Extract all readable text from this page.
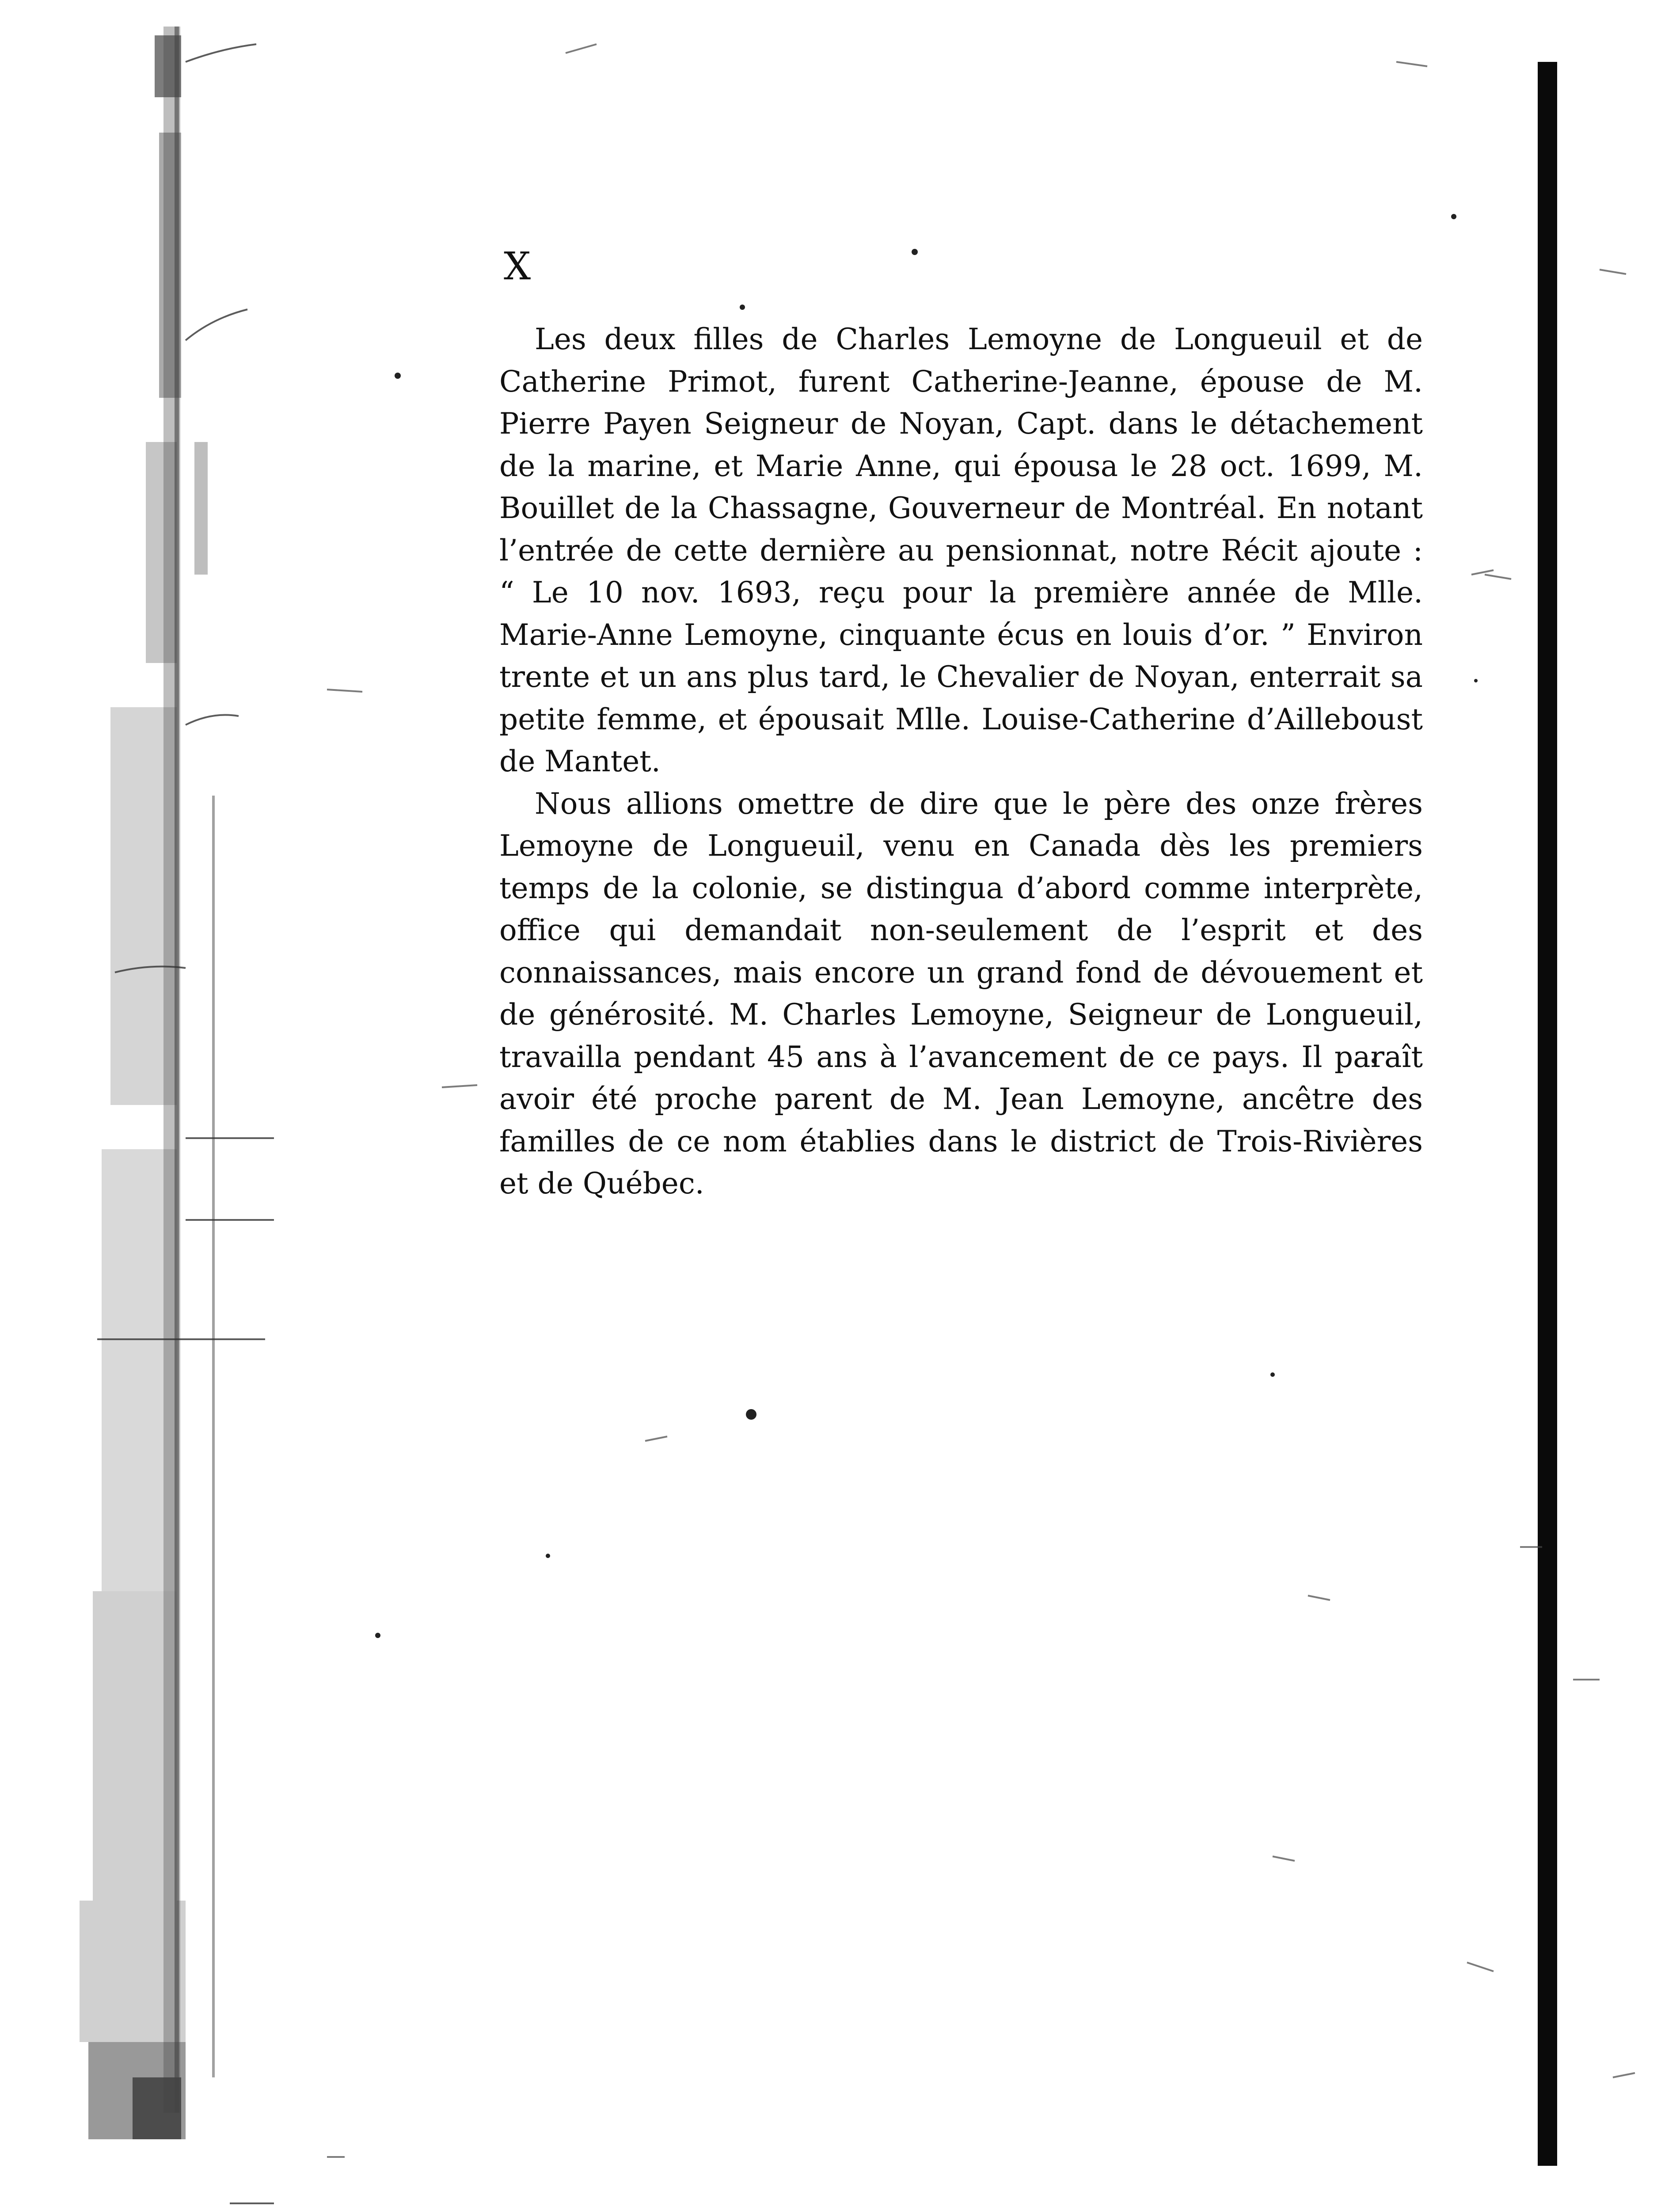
X

Les deux filles de Charles Lemoyne de Longueuil et de Catherine Primot, furent Catherine-Jeanne, épouse de M. Pierre Payen Seigneur de Noyan, Capt. dans le détachement de la marine, et Marie Anne, qui épousa le 28 oct. 1699, M. Bouillet de la Chassagne, Gouverneur de Montréal. En notant l’entrée de cette dernière au pensionnat, notre Récit ajoute : “ Le 10 nov. 1693, reçu pour la première année de Mlle. Marie-Anne Lemoyne, cinquante écus en louis d’or. ” Environ trente et un ans plus tard, le Chevalier de Noyan, enterrait sa petite femme, et épousait Mlle. Louise-Catherine d’Ailleboust de Mantet.

Nous allions omettre de dire que le père des onze frères Lemoyne de Longueuil, venu en Canada dès les premiers temps de la colonie, se distingua d’abord comme interprète, office qui demandait non-seulement de l’esprit et des connaissances, mais encore un grand fond de dévouement et de générosité. M. Charles Lemoyne, Seigneur de Longueuil, travailla pendant 45 ans à l’avancement de ce pays. Il paraît avoir été proche parent de M. Jean Lemoyne, ancêtre des familles de ce nom établies dans le district de Trois-Rivières et de Québec.
